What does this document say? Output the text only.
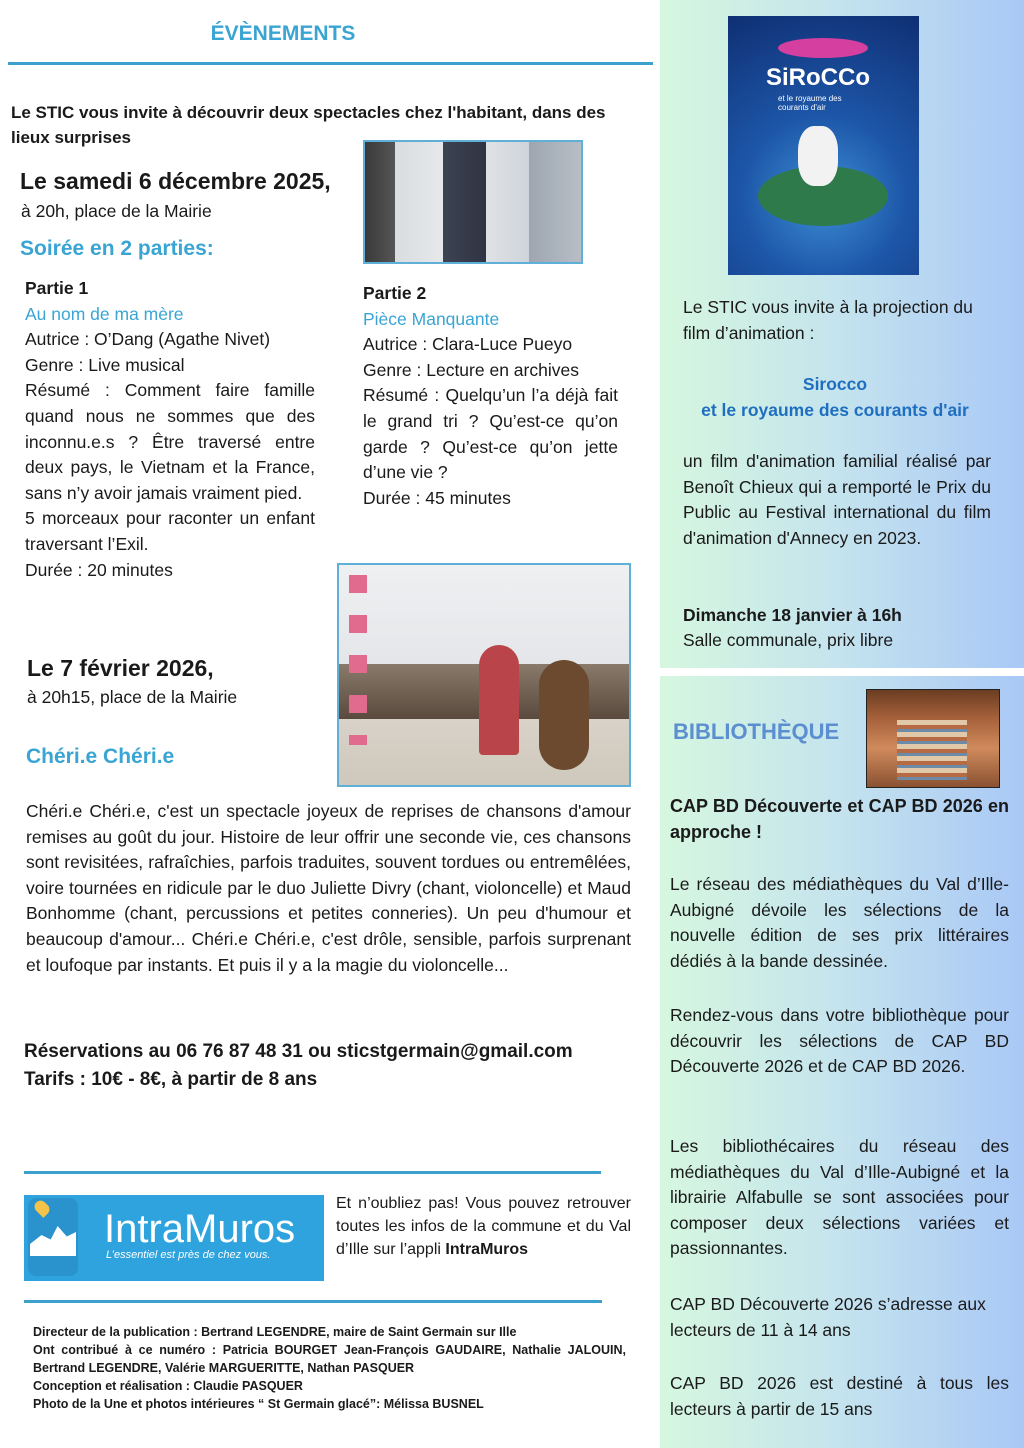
ÉVÈNEMENTS
Le STIC vous invite à découvrir deux spectacles chez l'habitant, dans des lieux surprises
Le samedi 6 décembre 2025,
à 20h, place de la Mairie
Soirée en 2 parties:
Partie 1
Au nom de ma mère
Autrice : O’Dang (Agathe Nivet)
Genre : Live musical
Résumé : Comment faire famille quand nous ne sommes que des inconnu.e.s ? Être traversé entre deux pays, le Vietnam et la France, sans n’y avoir jamais vraiment pied.
5 morceaux pour raconter un enfant traversant l’Exil.
Durée : 20 minutes
Partie 2
Pièce Manquante
Autrice : Clara-Luce Pueyo
Genre : Lecture en archives
Résumé : Quelqu’un l’a déjà fait le grand tri ? Qu’est-ce qu’on garde ? Qu’est-ce qu’on jette d’une vie ?
Durée : 45 minutes
Le 7 février 2026,
à 20h15, place de la Mairie
Chéri.e Chéri.e
Chéri.e Chéri.e, c'est un spectacle joyeux de reprises de chansons d'amour remises au goût du jour. Histoire de leur offrir une seconde vie, ces chansons sont revisitées, rafraîchies, parfois traduites, souvent tordues ou entremêlées, voire tournées en ridicule par le duo Juliette Divry (chant, violoncelle) et Maud Bonhomme (chant, percussions et petites conneries). Un peu d'humour et beaucoup d'amour... Chéri.e Chéri.e, c'est drôle, sensible, parfois surprenant et loufoque par instants. Et puis il y a la magie du violoncelle...
Réservations au 06 76 87 48 31 ou sticstgermain@gmail.com
Tarifs : 10€ - 8€, à partir de 8 ans
IntraMuros
L’essentiel est près de chez vous.
Et n’oubliez pas! Vous pouvez retrouver toutes les infos de la commune et du Val d’Ille sur l’appli IntraMuros
Directeur de la publication : Bertrand LEGENDRE, maire de Saint Germain sur Ille
Ont contribué à ce numéro : Patricia BOURGET Jean-François GAUDAIRE, Nathalie JALOUIN, Bertrand LEGENDRE, Valérie MARGUERITTE, Nathan PASQUER
Conception et réalisation : Claudie PASQUER
Photo de la Une et photos intérieures “ St Germain glacé”: Mélissa BUSNEL
SiRoCCo
et le royaume des courants d'air
Le STIC vous invite à la projection du film d’animation :
Sirocco
et le royaume des courants d'air
un film d'animation familial réalisé par Benoît Chieux qui a remporté le Prix du Public au Festival international du film d'animation d'Annecy en 2023.
Dimanche 18 janvier à 16h
Salle communale, prix libre
BIBLIOTHÈQUE
CAP BD Découverte et CAP BD 2026 en approche !
Le réseau des médiathèques du Val d’Ille-Aubigné dévoile les sélections de la nouvelle édition de ses prix littéraires dédiés à la bande dessinée.
Rendez-vous dans votre bibliothèque pour découvrir les sélections de CAP BD Découverte 2026 et de CAP BD 2026.
Les bibliothécaires du réseau des médiathèques du Val d’Ille-Aubigné et la librairie Alfabulle se sont associées pour composer deux sélections variées et passionnantes.
CAP BD Découverte 2026 s’adresse aux lecteurs de 11 à 14 ans
CAP BD 2026 est destiné à tous les lecteurs à partir de 15 ans
